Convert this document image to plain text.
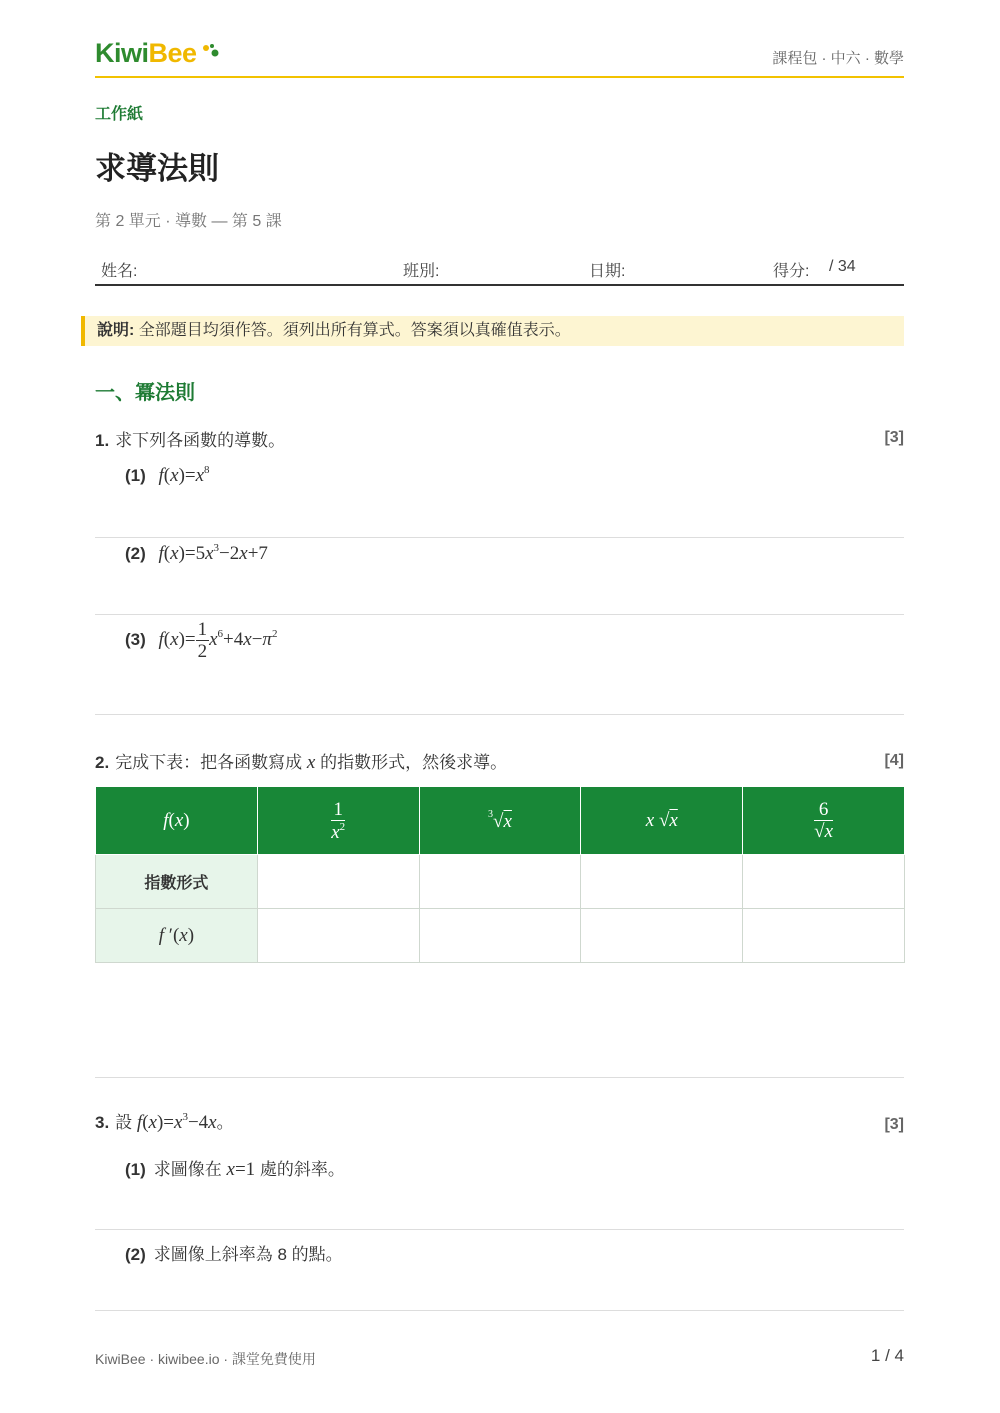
KiwiBee	課程包 · 中六 · 數學
工作紙
求導法則
第 2 單元 · 導數 — 第 5 課
姓名:	班別:	日期:	得分: / 34
說明: 全部題目均須作答。須列出所有算式。答案須以真確值表示。
一、冪法則
1. 求下列各函數的導數。	[3]
(1) $f(x)=x^8$
(2) $f(x)=5x^3-2x+7$
(3) $f(x)= \frac{1}{2} x^6+4x-\pi^2$
2. 完成下表：把各函數寫成 x 的指數形式，然後求導。	[4]
f(x)	$\frac{1}{x^2}$	$^3$√x	x √x	$\frac{6}{√x}$

指數形式				
f ′(x)				
3. 設 $f(x)=x^3-4x$。	[3]
(1) 求圖像在 x=1 處的斜率。
(2) 求圖像上斜率為 8 的點。
KiwiBee · kiwibee.io · 課堂免費使用	1 / 4
